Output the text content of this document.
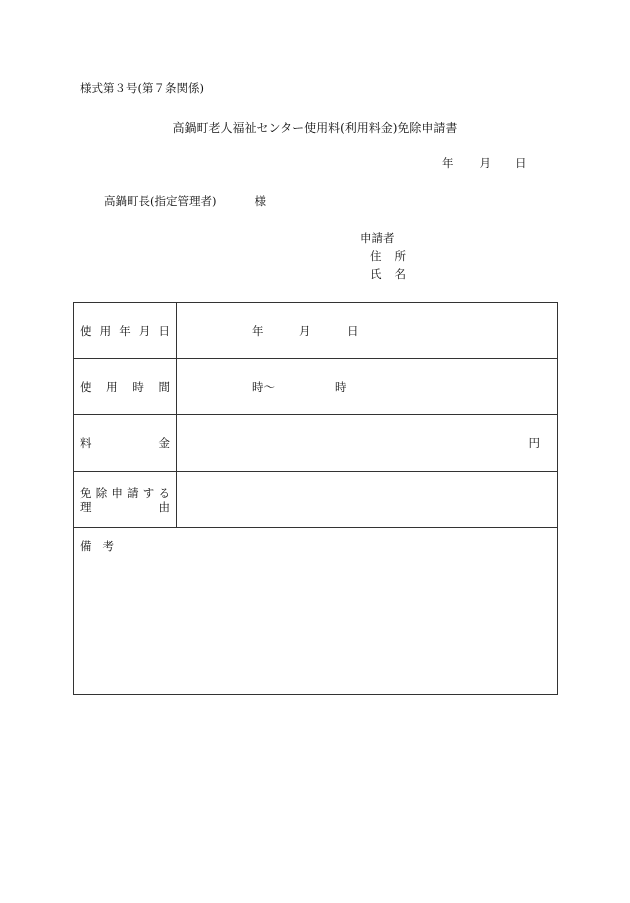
様式第３号(第７条関係)
高鍋町老人福祉センター使用料(利用料金)免除申請書
年 月 日
高鍋町長(指定管理者)	様
申請者
住所
氏名
使用年月日	年 月 日

使用時間	時～ 時

料金	円

免除申請する
理由	

備考	
